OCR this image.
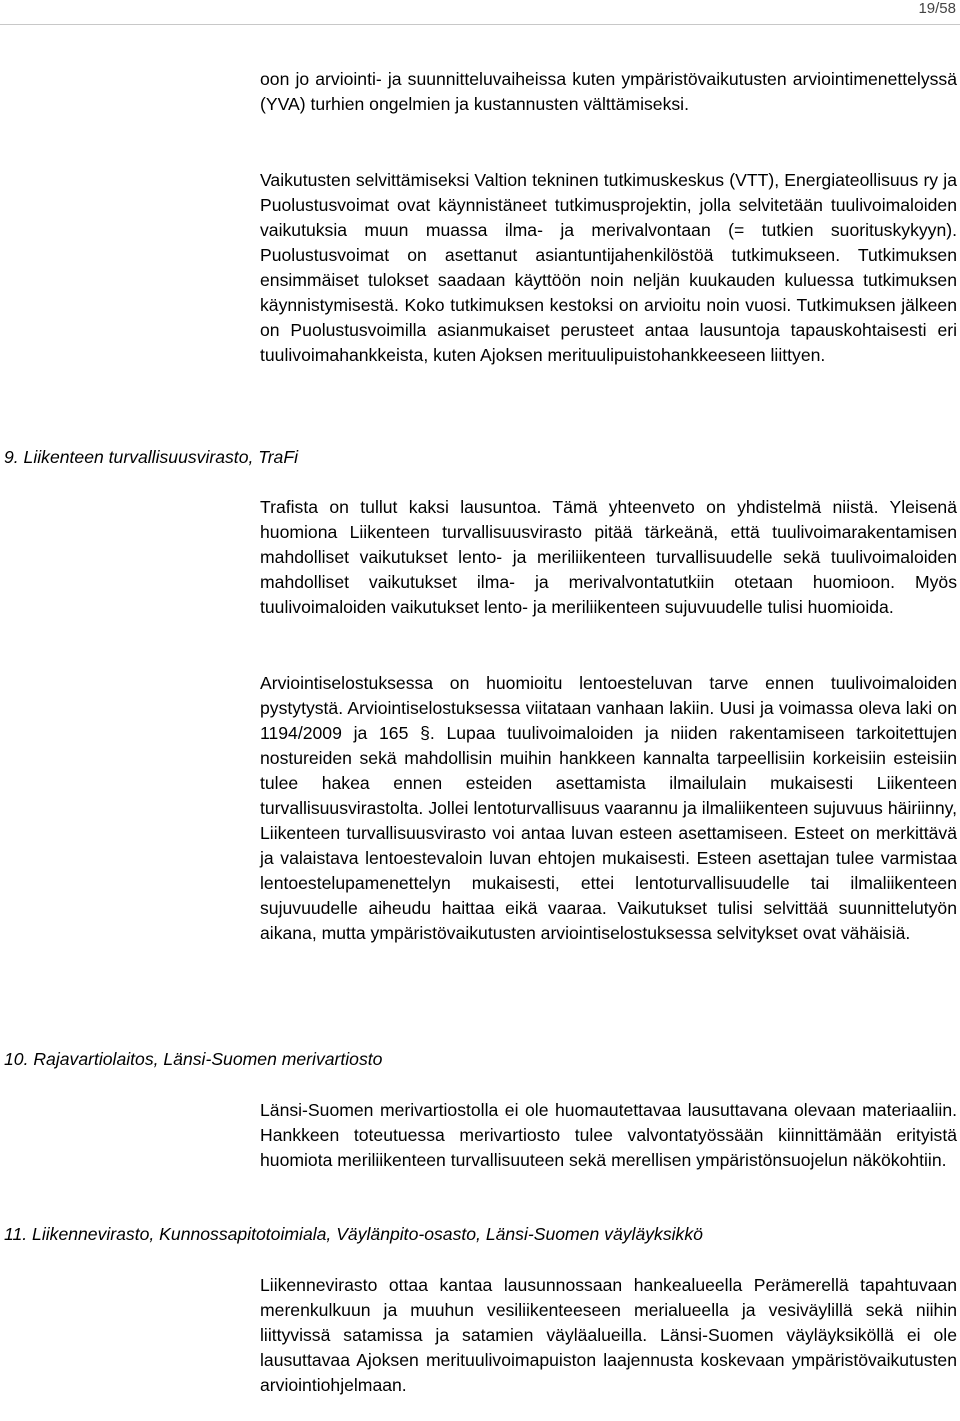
19/58

oon jo arviointi- ja suunnitteluvaiheissa kuten ympäristövaikutusten arviointimenettelyssä (YVA) turhien ongelmien ja kustannusten välttämiseksi.

Vaikutusten selvittämiseksi Valtion tekninen tutkimuskeskus (VTT), Energiateollisuus ry ja Puolustusvoimat ovat käynnistäneet tutkimusprojektin, jolla selvitetään tuulivoimaloiden vaikutuksia muun muassa ilma- ja merivalvontaan (= tutkien suorituskykyyn). Puolustusvoimat on asettanut asiantuntijahenkilöstöä tutkimukseen. Tutkimuksen ensimmäiset tulokset saadaan käyttöön noin neljän kuukauden kuluessa tutkimuksen käynnistymisestä. Koko tutkimuksen kestoksi on arvioitu noin vuosi. Tutkimuksen jälkeen on Puolustusvoimilla asianmukaiset perusteet antaa lausuntoja tapauskohtaisesti eri tuulivoimahankkeista, kuten Ajoksen merituulipuistohankkeeseen liittyen.

9. Liikenteen turvallisuusvirasto, TraFi

Trafista on tullut kaksi lausuntoa. Tämä yhteenveto on yhdistelmä niistä. Yleisenä huomiona Liikenteen turvallisuusvirasto pitää tärkeänä, että tuulivoimarakentamisen mahdolliset vaikutukset lento- ja meriliikenteen turvallisuudelle sekä tuulivoimaloiden mahdolliset vaikutukset ilma- ja merivalvontatutkiin otetaan huomioon. Myös tuulivoimaloiden vaikutukset lento- ja meriliikenteen sujuvuudelle tulisi huomioida.

Arviointiselostuksessa on huomioitu lentoesteluvan tarve ennen tuulivoimaloiden pystytystä. Arviointiselostuksessa viitataan vanhaan lakiin. Uusi ja voimassa oleva laki on 1194/2009 ja 165 §. Lupaa tuulivoimaloiden ja niiden rakentamiseen tarkoitettujen nostureiden sekä mahdollisin muihin hankkeen kannalta tarpeellisiin korkeisiin esteisiin tulee hakea ennen esteiden asettamista ilmailulain mukaisesti Liikenteen turvallisuusvirastolta. Jollei lentoturvallisuus vaarannu ja ilmaliikenteen sujuvuus häiriinny, Liikenteen turvallisuusvirasto voi antaa luvan esteen asettamiseen. Esteet on merkittävä ja valaistava lentoestevaloin luvan ehtojen mukaisesti. Esteen asettajan tulee varmistaa lentoestelupamenettelyn mukaisesti, ettei lentoturvallisuudelle tai ilmaliikenteen sujuvuudelle aiheudu haittaa eikä vaaraa. Vaikutukset tulisi selvittää suunnittelutyön aikana, mutta ympäristövaikutusten arviointiselostuksessa selvitykset ovat vähäisiä.

10. Rajavartiolaitos, Länsi-Suomen merivartiosto

Länsi-Suomen merivartiostolla ei ole huomautettavaa lausuttavana olevaan materiaaliin. Hankkeen toteutuessa merivartiosto tulee valvontatyössään kiinnittämään erityistä huomiota meriliikenteen turvallisuuteen sekä merellisen ympäristönsuojelun näkökohtiin.

11. Liikennevirasto, Kunnossapitotoimiala, Väylänpito-osasto, Länsi-Suomen väyläyksikkö

Liikennevirasto ottaa kantaa lausunnossaan hankealueella Perämerellä tapahtuvaan merenkulkuun ja muuhun vesiliikenteeseen merialueella ja vesiväylillä sekä niihin liittyvissä satamissa ja satamien väyläalueilla. Länsi-Suomen väyläyksiköllä ei ole lausuttavaa Ajoksen merituulivoimapuiston laajennusta koskevaan ympäristövaikutusten arviointiohjelmaan.
